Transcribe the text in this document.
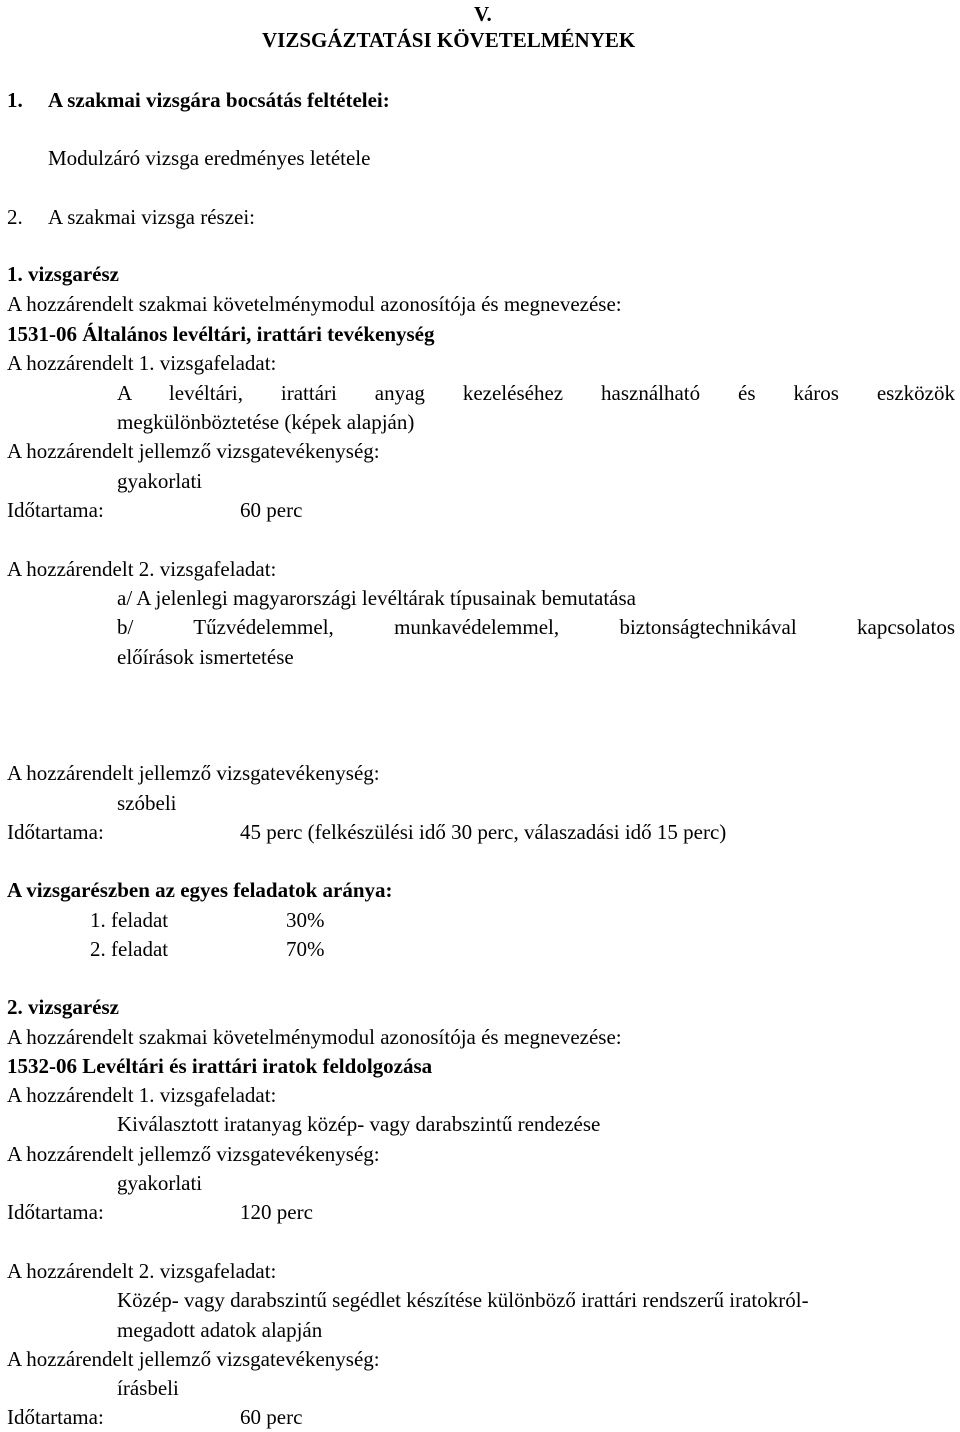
V.
VIZSGÁZTATÁSI KÖVETELMÉNYEK
1. A szakmai vizsgára bocsátás feltételei:
Modulzáró vizsga eredményes letétele
2. A szakmai vizsga részei:
1. vizsgarész
A hozzárendelt szakmai követelménymodul azonosítója és megnevezése:
1531-06 Általános levéltári, irattári tevékenység
A hozzárendelt 1. vizsgafeladat:
A levéltári, irattári anyag kezeléséhez használható és káros eszközök
megkülönböztetése (képek alapján)
A hozzárendelt jellemző vizsgatevékenység:
gyakorlati
Időtartama:	60 perc
A hozzárendelt 2. vizsgafeladat:
a/ A jelenlegi magyarországi levéltárak típusainak bemutatása
b/ Tűzvédelemmel, munkavédelemmel, biztonságtechnikával kapcsolatos
előírások ismertetése
A hozzárendelt jellemző vizsgatevékenység:
szóbeli
Időtartama:	45 perc (felkészülési idő 30 perc, válaszadási idő 15 perc)
A vizsgarészben az egyes feladatok aránya:
1. feladat	30%
2. feladat	70%
2. vizsgarész
A hozzárendelt szakmai követelménymodul azonosítója és megnevezése:
1532-06 Levéltári és irattári iratok feldolgozása
A hozzárendelt 1. vizsgafeladat:
Kiválasztott iratanyag közép- vagy darabszintű rendezése
A hozzárendelt jellemző vizsgatevékenység:
gyakorlati
Időtartama:	120 perc
A hozzárendelt 2. vizsgafeladat:
Közép- vagy darabszintű segédlet készítése különböző irattári rendszerű iratokról-
megadott adatok alapján
A hozzárendelt jellemző vizsgatevékenység:
írásbeli
Időtartama:	60 perc
